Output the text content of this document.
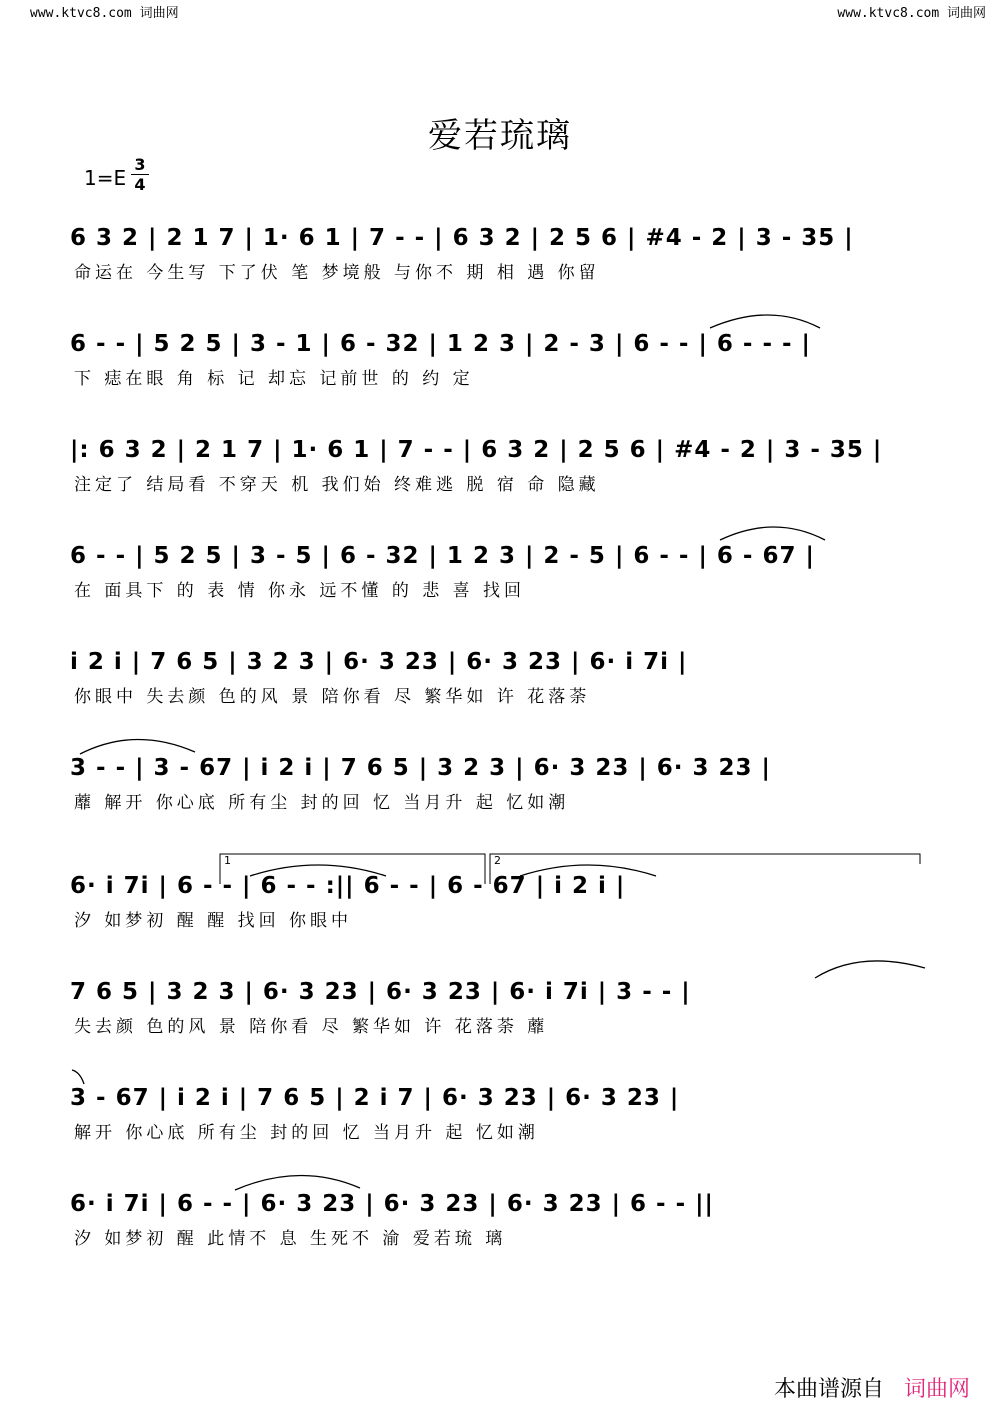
www.ktvc8.com 词曲网	www.ktvc8.com 词曲网
爱若琉璃
$1=E \frac{3}{4}$
6 3 2 | 2 1 7 | 1· 6 1 | 7 - - | 6 3 2 | 2 5 6 | #4 - 2 | 3 - 35 |
命运在 今生写 下了伏 笔 梦境般 与你不 期 相 遇 你留
6 - - | 5 2 5 | 3 - 1 | 6 - 32 | 1 2 3 | 2 - 3 | 6 - - | 6 - - - |
下 痣在眼 角 标 记 却忘 记前世 的 约 定
|: 6 3 2 | 2 1 7 | 1· 6 1 | 7 - - | 6 3 2 | 2 5 6 | #4 - 2 | 3 - 35 |
注定了 结局看 不穿天 机 我们始 终难逃 脱 宿 命 隐藏
6 - - | 5 2 5 | 3 - 5 | 6 - 32 | 1 2 3 | 2 - 5 | 6 - - | 6 - 67 |
在 面具下 的 表 情 你永 远不懂 的 悲 喜 找回
i 2 i | 7 6 5 | 3 2 3 | 6· 3 23 | 6· 3 23 | 6· i 7i |
你眼中 失去颜 色的风 景 陪你看 尽 繁华如 许 花落荼
3 - - | 3 - 67 | i 2 i | 7 6 5 | 3 2 3 | 6· 3 23 | 6· 3 23 |
蘼 解开 你心底 所有尘 封的回 忆 当月升 起 忆如潮
1	2
6· i 7i | 6 - - | 6 - - :|| 6 - - | 6 - 67 | i 2 i |
汐 如梦初 醒 醒 找回 你眼中
7 6 5 | 3 2 3 | 6· 3 23 | 6· 3 23 | 6· i 7i | 3 - - |
失去颜 色的风 景 陪你看 尽 繁华如 许 花落荼 蘼
3 - 67 | i 2 i | 7 6 5 | 2 i 7 | 6· 3 23 | 6· 3 23 |
解开 你心底 所有尘 封的回 忆 当月升 起 忆如潮
6· i 7i | 6 - - | 6· 3 23 | 6· 3 23 | 6· 3 23 | 6 - - ||
汐 如梦初 醒 此情不 息 生死不 渝 爱若琉 璃
本曲谱源自 词曲网
